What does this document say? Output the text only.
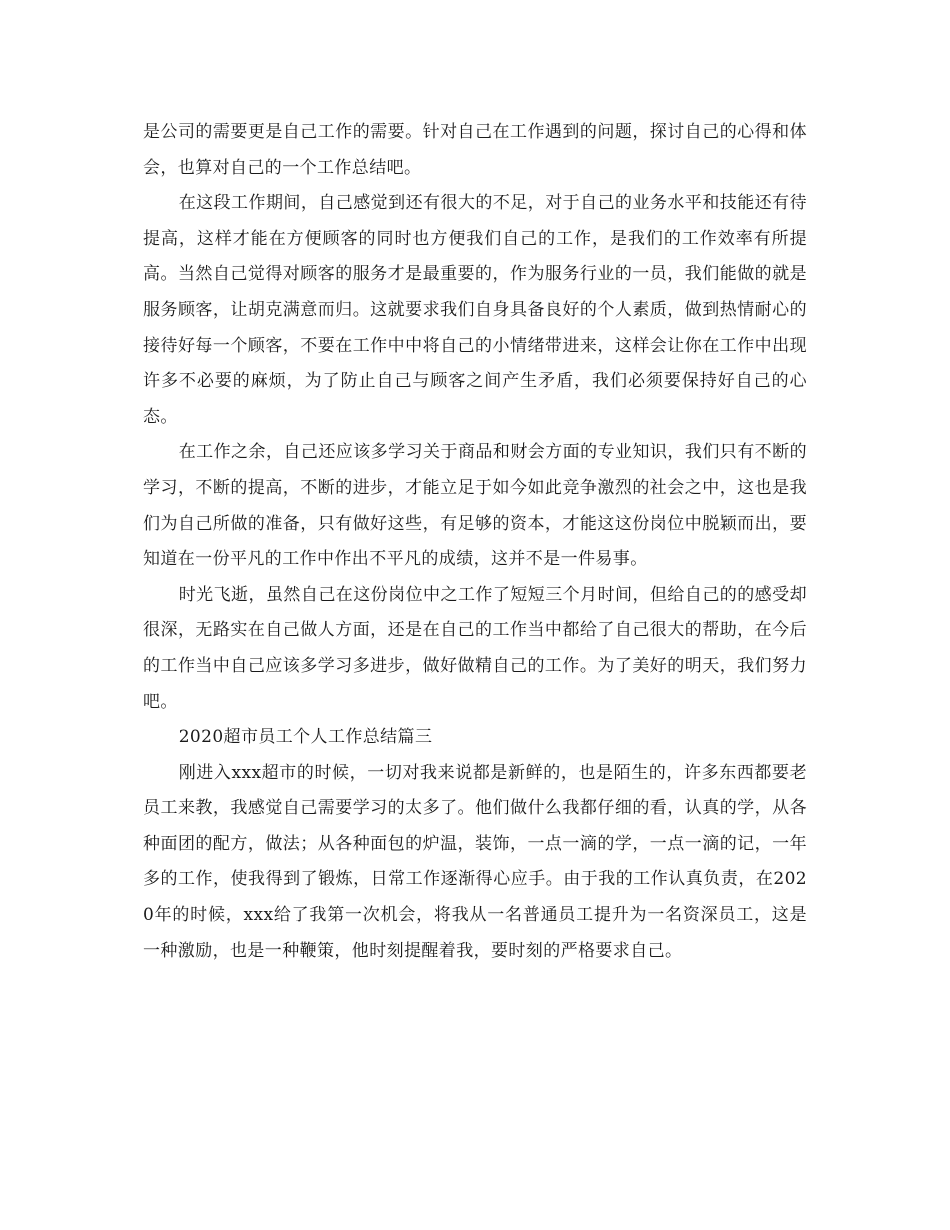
是公司的需要更是自己工作的需要。针对自己在工作遇到的问题，探讨自己的心得和体会，也算对自己的一个工作总结吧。

在这段工作期间，自己感觉到还有很大的不足，对于自己的业务水平和技能还有待提高，这样才能在方便顾客的同时也方便我们自己的工作，是我们的工作效率有所提高。当然自己觉得对顾客的服务才是最重要的，作为服务行业的一员，我们能做的就是服务顾客，让胡克满意而归。这就要求我们自身具备良好的个人素质，做到热情耐心的接待好每一个顾客，不要在工作中中将自己的小情绪带进来，这样会让你在工作中出现许多不必要的麻烦，为了防止自己与顾客之间产生矛盾，我们必须要保持好自己的心态。

在工作之余，自己还应该多学习关于商品和财会方面的专业知识，我们只有不断的学习，不断的提高，不断的进步，才能立足于如今如此竞争激烈的社会之中，这也是我们为自己所做的准备，只有做好这些，有足够的资本，才能这这份岗位中脱颖而出，要知道在一份平凡的工作中作出不平凡的成绩，这并不是一件易事。

时光飞逝，虽然自己在这份岗位中之工作了短短三个月时间，但给自己的的感受却很深，无路实在自己做人方面，还是在自己的工作当中都给了自己很大的帮助，在今后的工作当中自己应该多学习多进步，做好做精自己的工作。为了美好的明天，我们努力吧。

2020超市员工个人工作总结篇三

刚进入xxx超市的时候，一切对我来说都是新鲜的，也是陌生的，许多东西都要老员工来教，我感觉自己需要学习的太多了。他们做什么我都仔细的看，认真的学，从各种面团的配方，做法；从各种面包的炉温，装饰，一点一滴的学，一点一滴的记，一年多的工作，使我得到了锻炼，日常工作逐渐得心应手。由于我的工作认真负责，在2020年的时候，xxx给了我第一次机会，将我从一名普通员工提升为一名资深员工，这是一种激励，也是一种鞭策，他时刻提醒着我，要时刻的严格要求自己。
